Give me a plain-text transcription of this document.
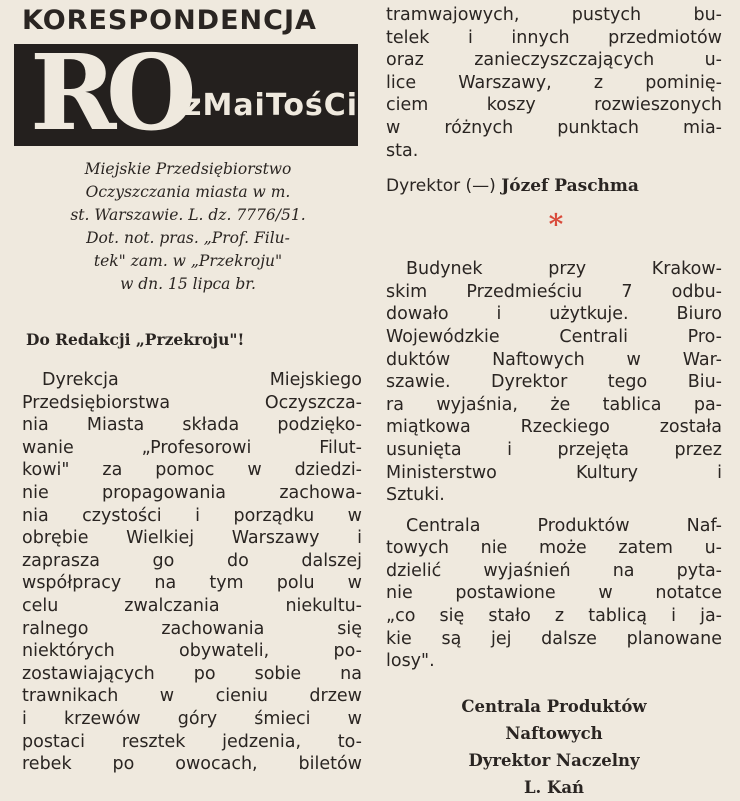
KORESPONDENCJA
R
O
zMaiTośCi
Miejskie Przedsiębiorstwo
Oczyszczania miasta w m.
st. Warszawie. L. dz. 7776/51.
Dot. not. pras. „Prof. Filu-
tek" zam. w „Przekroju"
w dn. 15 lipca br.
Do Redakcji „Przekroju"!
Dyrekcja Miejskiego
Przedsiębiorstwa Oczyszcza-
nia Miasta składa podzięko-
wanie „Profesorowi Filut-
kowi" za pomoc w dziedzi-
nie propagowania zachowa-
nia czystości i porządku w
obrębie Wielkiej Warszawy i
zaprasza go do dalszej
współpracy na tym polu w
celu zwalczania niekultu-
ralnego zachowania się
niektórych obywateli, po-
zostawiających po sobie na
trawnikach w cieniu drzew
i krzewów góry śmieci w
postaci resztek jedzenia, to-
rebek po owocach, biletów
tramwajowych, pustych bu-
telek i innych przedmiotów
oraz zanieczyszczających u-
lice Warszawy, z pominię-
ciem koszy rozwieszonych
w różnych punktach mia-
sta.
Dyrektor (—) Józef Paschma
*
Budynek przy Krakow-
skim Przedmieściu 7 odbu-
dowało i użytkuje. Biuro
Wojewódzkie Centrali Pro-
duktów Naftowych w War-
szawie. Dyrektor tego Biu-
ra wyjaśnia, że tablica pa-
miątkowa Rzeckiego została
usunięta i przejęta przez
Ministerstwo Kultury i
Sztuki.
Centrala Produktów Naf-
towych nie może zatem u-
dzielić wyjaśnień na pyta-
nie postawione w notatce
„co się stało z tablicą i ja-
kie są jej dalsze planowane
losy".
Centrala Produktów
Naftowych
Dyrektor Naczelny
L. Kań
